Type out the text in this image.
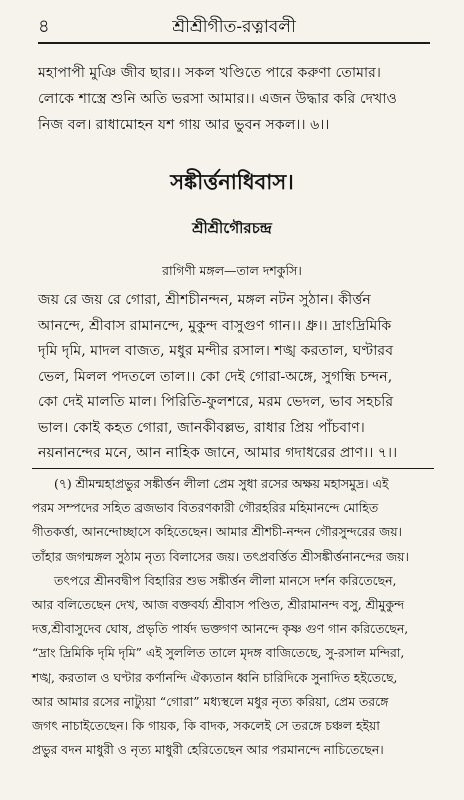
৪	শ্রীশ্রীগীত-রত্নাবলী

মহাপাপী মুঞি জীব ছার।। সকল খণ্ডিতে পারে করুণা তোমার।

লোকে শাস্ত্রে শুনি অতি ভরসা আমার।। এজন উদ্ধার করি দেখাও

নিজ বল। রাধামোহন যশ গায় আর ভুবন সকল।। ৬।।

সঙ্কীর্ত্তনাধিবাস।
শ্রীশ্রীগৌরচন্দ্র
রাগিণী মঙ্গল—তাল দশকুসি।

জয় রে জয় রে গোরা, শ্রীশচীনন্দন, মঙ্গল নটন সুঠান। কীর্ত্তন

আনন্দে, শ্রীবাস রামানন্দে, মুকুন্দ বাসুগুণ গান।। ধ্রু।। দ্রাংদ্রিমিকি

দৃমি দৃমি, মাদল বাজত, মধুর মন্দীর রসাল। শঙ্খ করতাল, ঘণ্টারব

ভেল, মিলল পদতলে তাল।। কো দেই গোরা-অঙ্গে, সুগন্ধি চন্দন,

কো দেই মালতি মাল। পিরিতি-ফুলশরে, মরম ভেদল, ভাব সহচরি

ভাল। কোই কহত গোরা, জানকীবল্লভ, রাধার প্রিয় পাঁচবাণ।

নয়নানন্দের মনে, আন নাহিক জানে, আমার গদাধরের প্রাণ।। ৭।।

(৭) শ্রীমন্মহাপ্রভুর সঙ্কীর্ত্তন লীলা প্রেম সুধা রসের অক্ষয় মহাসমুদ্র। এই

পরম সম্পদের সহিত ব্রজভাব বিতরণকারী গৌরহরির মহিমানন্দে মোহিত

গীতকর্ত্তা, আনন্দোচ্ছাসে কহিতেছেন। আমার শ্রীশচী-নন্দন গৌরসুন্দরের জয়।

তাঁহার জগন্মঙ্গল সুঠাম নৃত্য বিলাসের জয়। তৎপ্রবর্ত্তিত শ্রীসঙ্কীর্ত্তনানন্দের জয়।

তৎপরে শ্রীনবদ্বীপ বিহারির শুভ সঙ্কীর্ত্তন লীলা মানসে দর্শন করিতেছেন,

আর বলিতেছেন দেখ, আজ বক্তবর্য্য শ্রীবাস পণ্ডিত, শ্রীরামানন্দ বসু, শ্রীমুকুন্দ

দত্ত,শ্রীবাসুদেব ঘোষ, প্রভৃতি পার্ষদ ভক্তগণ আনন্দে কৃষ্ণ গুণ গান করিতেছেন,

“দ্রাং দ্রিমিকি দৃমি দৃমি” এই সুললিত তালে মৃদঙ্গ বাজিতেছে, সু-রসাল মন্দিরা,

শঙ্খ, করতাল ও ঘণ্টার কর্ণানন্দি ঐক্যতান ধ্বনি চারিদিকে সুনাদিত হইতেছে,

আর আমার রসের নাট্যুয়া “গোরা” মধ্যস্থলে মধুর নৃত্য করিয়া, প্রেম তরঙ্গে

জগৎ নাচাইতেছেন। কি গায়ক, কি বাদক, সকলেই সে তরঙ্গে চঞ্চল হইয়া

প্রভুর বদন মাধুরী ও নৃত্য মাধুরী হেরিতেছেন আর পরমানন্দে নাচিতেছেন।
